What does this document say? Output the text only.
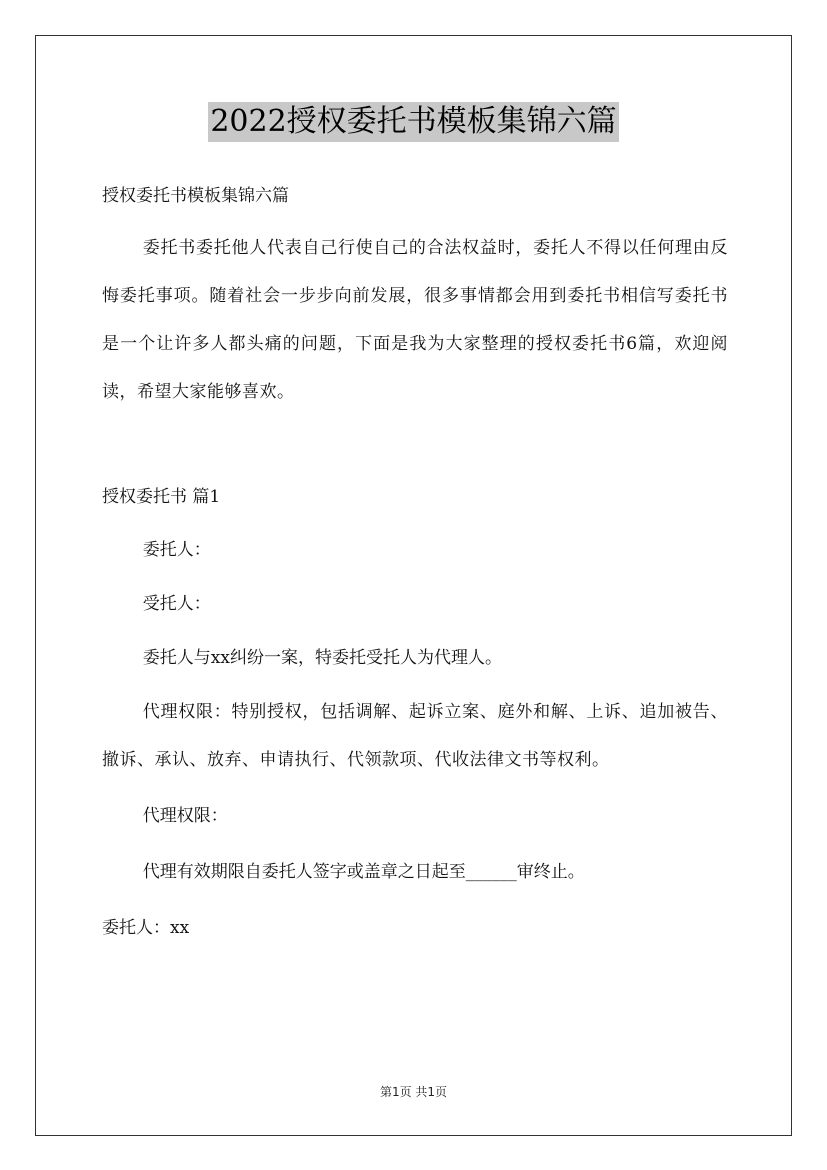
2022授权委托书模板集锦六篇

授权委托书模板集锦六篇

委托书委托他人代表自己行使自己的合法权益时，委托人不得以任何理由反悔委托事项。随着社会一步步向前发展，很多事情都会用到委托书相信写委托书是一个让许多人都头痛的问题，下面是我为大家整理的授权委托书6篇，欢迎阅读，希望大家能够喜欢。

授权委托书 篇1

委托人：

受托人：

委托人与xx纠纷一案，特委托受托人为代理人。

代理权限：特别授权，包括调解、起诉立案、庭外和解、上诉、追加被告、撤诉、承认、放弃、申请执行、代领款项、代收法律文书等权利。

代理权限：

代理有效期限自委托人签字或盖章之日起至______审终止。

委托人：xx

第1页 共1页
